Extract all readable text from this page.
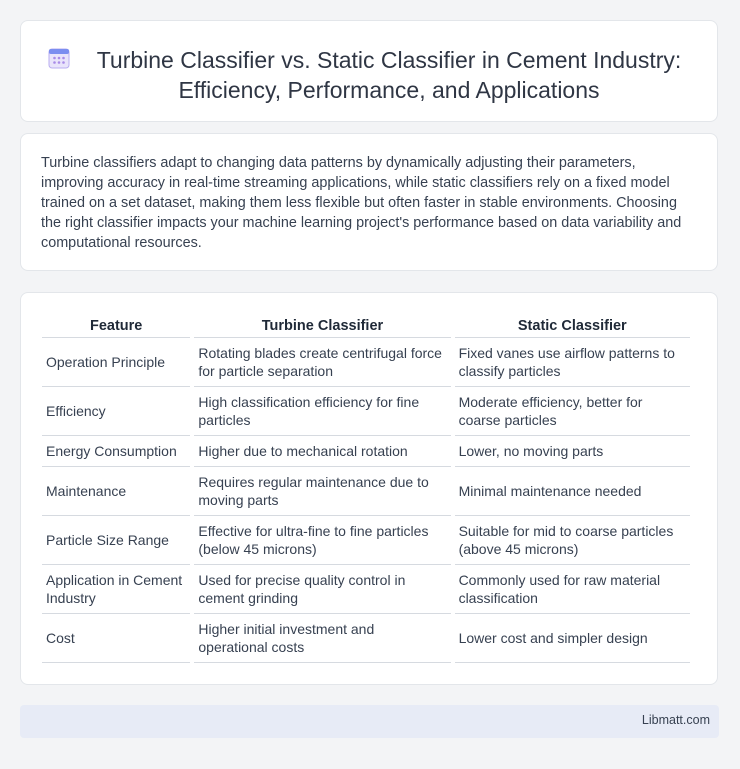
Turbine Classifier vs. Static Classifier in Cement Industry: Efficiency, Performance, and Applications

Turbine classifiers adapt to changing data patterns by dynamically adjusting their parameters, improving accuracy in real-time streaming applications, while static classifiers rely on a fixed model trained on a set dataset, making them less flexible but often faster in stable environments. Choosing the right classifier impacts your machine learning project's performance based on data variability and computational resources.

Feature	Turbine Classifier	Static Classifier
Operation Principle	Rotating blades create centrifugal force for particle separation	Fixed vanes use airflow patterns to classify particles
Efficiency	High classification efficiency for fine particles	Moderate efficiency, better for coarse particles
Energy Consumption	Higher due to mechanical rotation	Lower, no moving parts
Maintenance	Requires regular maintenance due to moving parts	Minimal maintenance needed
Particle Size Range	Effective for ultra-fine to fine particles (below 45 microns)	Suitable for mid to coarse particles (above 45 microns)
Application in Cement Industry	Used for precise quality control in cement grinding	Commonly used for raw material classification
Cost	Higher initial investment and operational costs	Lower cost and simpler design
Libmatt.com
